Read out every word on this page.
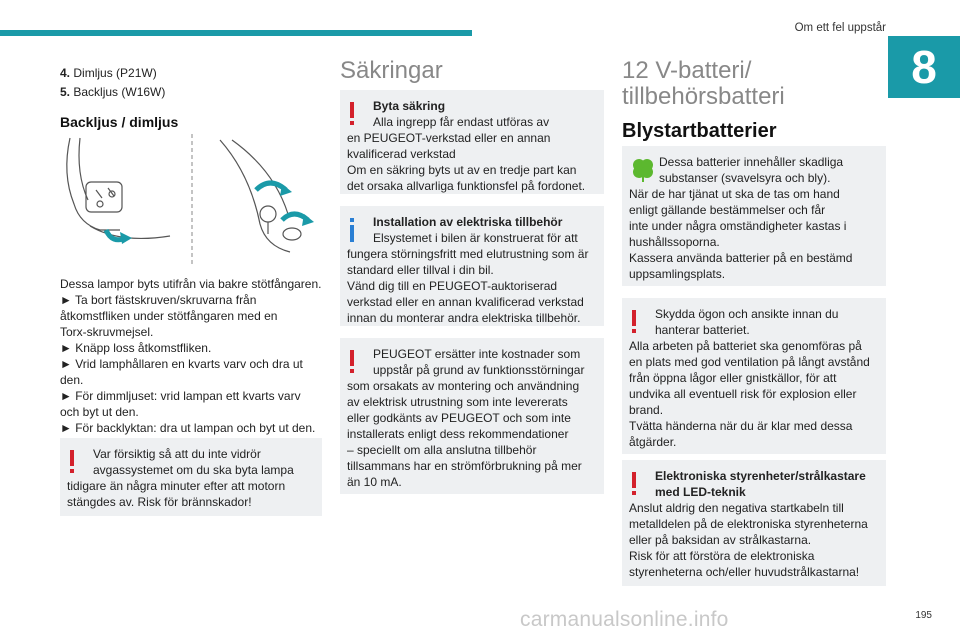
Om ett fel uppstår
8
4. Dimljus (P21W)
5. Backljus (W16W)
Backljus / dimljus
Dessa lampor byts utifrån via bakre stötfångaren.
► Ta bort fästskruven/skruvarna från
åtkomstfliken under stötfångaren med en
Torx-skruvmejsel.
► Knäpp loss åtkomstfliken.
► Vrid lamphållaren en kvarts varv och dra ut
den.
► För dimmljuset: vrid lampan ett kvarts varv
och byt ut den.
► För backlyktan: dra ut lampan och byt ut den.
Var försiktig så att du inte vidrör
avgassystemet om du ska byta lampa
tidigare än några minuter efter att motorn
stängdes av. Risk för brännskador!
Säkringar
Byta säkring
Alla ingrepp får endast utföras av
en PEUGEOT-verkstad eller en annan
kvalificerad verkstad
Om en säkring byts ut av en tredje part kan
det orsaka allvarliga funktionsfel på fordonet.
Installation av elektriska tillbehör
Elsystemet i bilen är konstruerat för att
fungera störningsfritt med elutrustning som är
standard eller tillval i din bil.
Vänd dig till en PEUGEOT-auktoriserad
verkstad eller en annan kvalificerad verkstad
innan du monterar andra elektriska tillbehör.
PEUGEOT ersätter inte kostnader som
uppstår på grund av funktionsstörningar
som orsakats av montering och användning
av elektrisk utrustning som inte levererats
eller godkänts av PEUGEOT och som inte
installerats enligt dess rekommendationer
– speciellt om alla anslutna tillbehör
tillsammans har en strömförbrukning på mer
än 10 mA.
12 V-batteri/
tillbehörsbatteri
Blystartbatterier
Dessa batterier innehåller skadliga
substanser (svavelsyra och bly).
När de har tjänat ut ska de tas om hand
enligt gällande bestämmelser och får
inte under några omständigheter kastas i
hushållssoporna.
Kassera använda batterier på en bestämd
uppsamlingsplats.
Skydda ögon och ansikte innan du
hanterar batteriet.
Alla arbeten på batteriet ska genomföras på
en plats med god ventilation på långt avstånd
från öppna lågor eller gnistkällor, för att
undvika all eventuell risk för explosion eller
brand.
Tvätta händerna när du är klar med dessa
åtgärder.
Elektroniska styrenheter/strålkastare
med LED-teknik
Anslut aldrig den negativa startkabeln till
metalldelen på de elektroniska styrenheterna
eller på baksidan av strålkastarna.
Risk för att förstöra de elektroniska
styrenheterna och/eller huvudstrålkastarna!
carmanualsonline.info	195
